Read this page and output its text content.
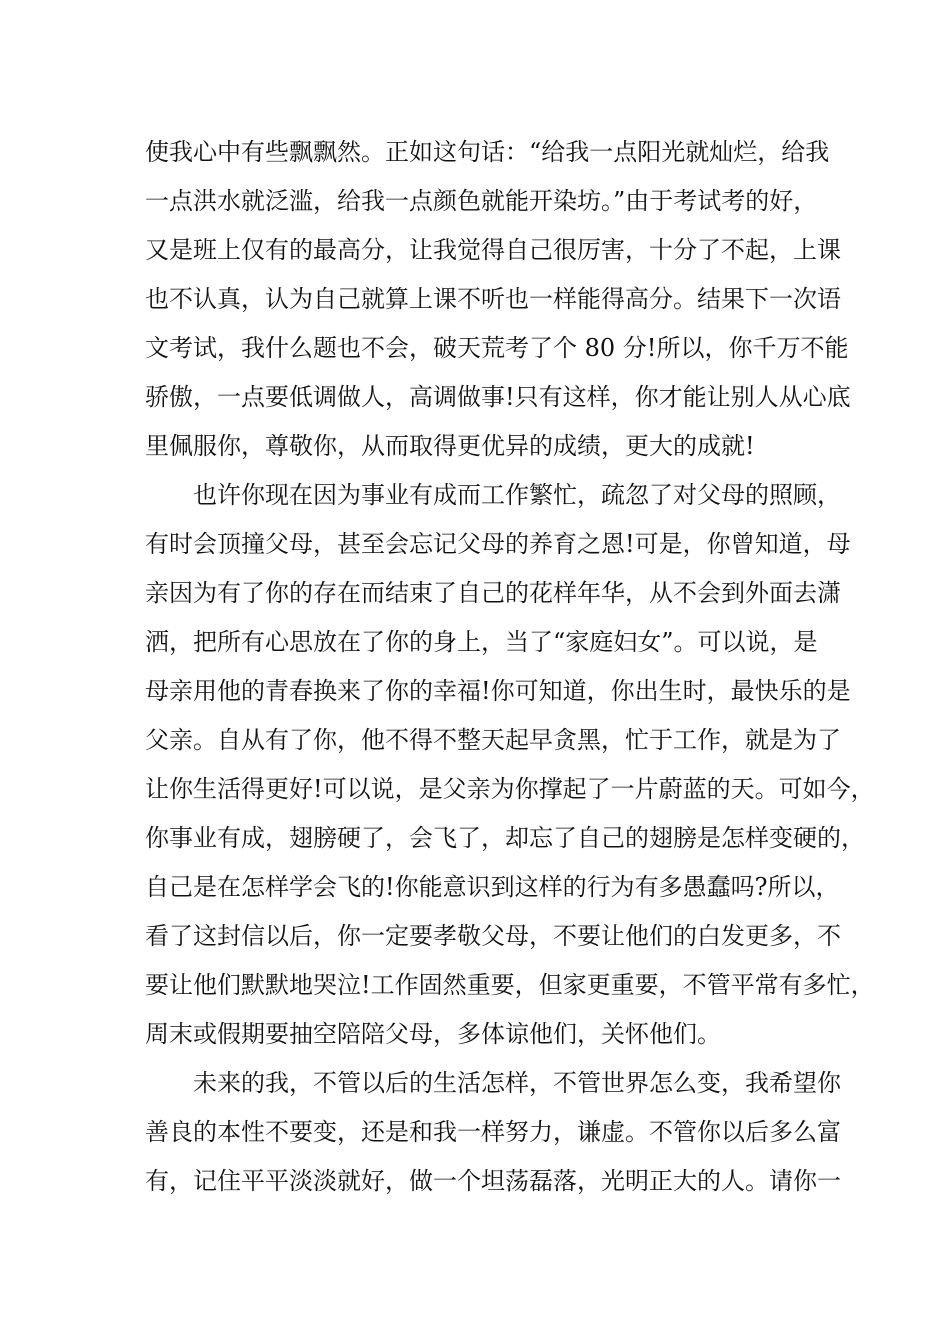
使我心中有些飘飘然。正如这句话：“给我一点阳光就灿烂，给我
一点洪水就泛滥，给我一点颜色就能开染坊。”由于考试考的好，
又是班上仅有的最高分，让我觉得自己很厉害，十分了不起，上课
也不认真，认为自己就算上课不听也一样能得高分。结果下一次语
文考试，我什么题也不会，破天荒考了个 80 分!所以，你千万不能
骄傲，一点要低调做人，高调做事!只有这样，你才能让别人从心底
里佩服你，尊敬你，从而取得更优异的成绩，更大的成就!

也许你现在因为事业有成而工作繁忙，疏忽了对父母的照顾，
有时会顶撞父母，甚至会忘记父母的养育之恩!可是，你曾知道，母
亲因为有了你的存在而结束了自己的花样年华，从不会到外面去潇
洒，把所有心思放在了你的身上，当了“家庭妇女”。可以说，是
母亲用他的青春换来了你的幸福!你可知道，你出生时，最快乐的是
父亲。自从有了你，他不得不整天起早贪黑，忙于工作，就是为了
让你生活得更好!可以说，是父亲为你撑起了一片蔚蓝的天。可如今，
你事业有成，翅膀硬了，会飞了，却忘了自己的翅膀是怎样变硬的，
自己是在怎样学会飞的!你能意识到这样的行为有多愚蠢吗?所以，
看了这封信以后，你一定要孝敬父母，不要让他们的白发更多，不
要让他们默默地哭泣!工作固然重要，但家更重要，不管平常有多忙，
周末或假期要抽空陪陪父母，多体谅他们，关怀他们。

未来的我，不管以后的生活怎样，不管世界怎么变，我希望你
善良的本性不要变，还是和我一样努力，谦虚。不管你以后多么富
有，记住平平淡淡就好，做一个坦荡磊落，光明正大的人。请你一
